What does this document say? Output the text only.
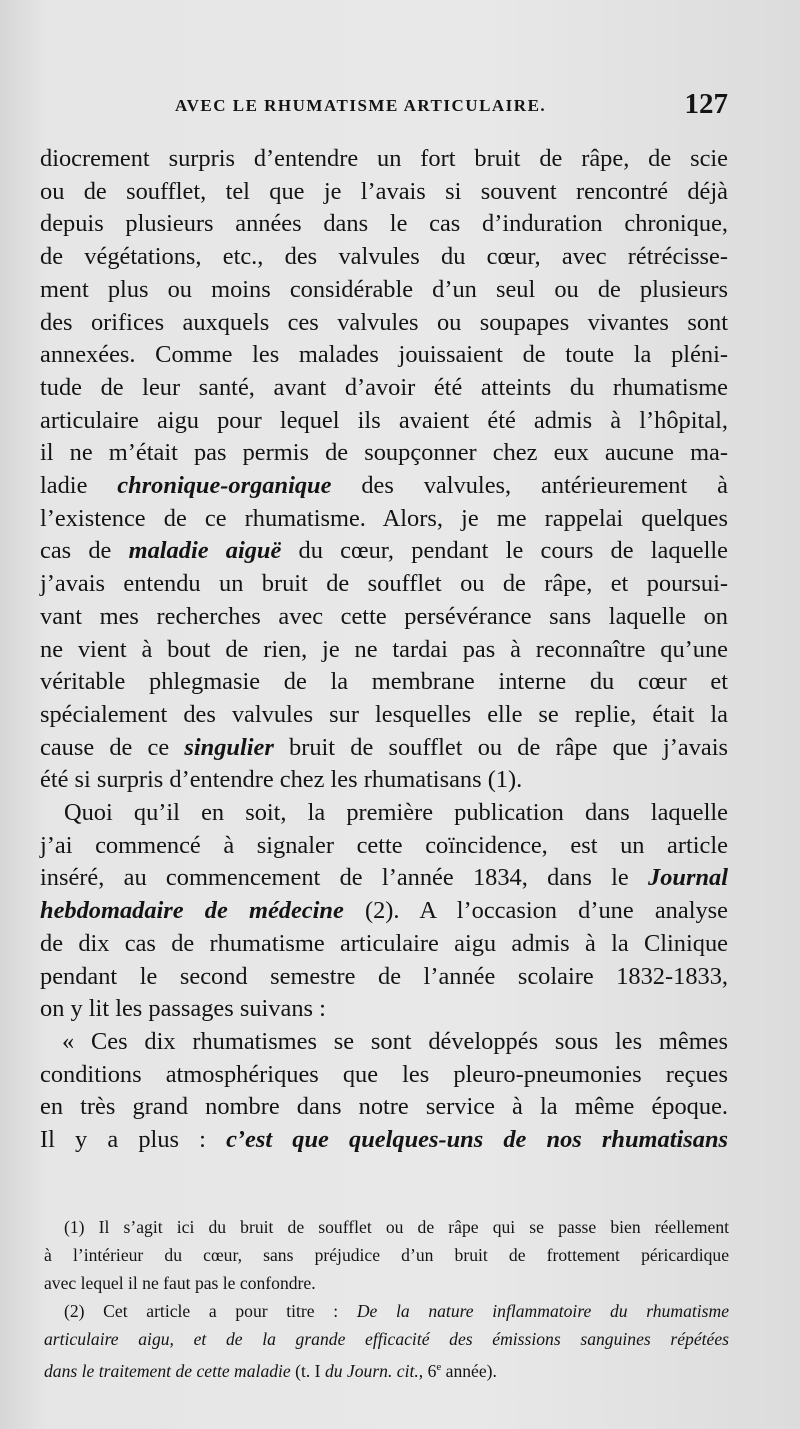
AVEC LE RHUMATISME ARTICULAIRE.	127
diocrement surpris d’entendre un fort bruit de râpe, de scie
ou de soufflet, tel que je l’avais si souvent rencontré déjà
depuis plusieurs années dans le cas d’induration chronique,
de végétations, etc., des valvules du cœur, avec rétrécisse-
ment plus ou moins considérable d’un seul ou de plusieurs
des orifices auxquels ces valvules ou soupapes vivantes sont
annexées. Comme les malades jouissaient de toute la pléni-
tude de leur santé, avant d’avoir été atteints du rhumatisme
articulaire aigu pour lequel ils avaient été admis à l’hôpital,
il ne m’était pas permis de soupçonner chez eux aucune ma-
ladie chronique-organique des valvules, antérieurement à
l’existence de ce rhumatisme. Alors, je me rappelai quelques
cas de maladie aiguë du cœur, pendant le cours de laquelle
j’avais entendu un bruit de soufflet ou de râpe, et poursui-
vant mes recherches avec cette persévérance sans laquelle on
ne vient à bout de rien, je ne tardai pas à reconnaître qu’une
véritable phlegmasie de la membrane interne du cœur et
spécialement des valvules sur lesquelles elle se replie, était la
cause de ce singulier bruit de soufflet ou de râpe que j’avais
été si surpris d’entendre chez les rhumatisans (1).
Quoi qu’il en soit, la première publication dans laquelle
j’ai commencé à signaler cette coïncidence, est un article
inséré, au commencement de l’année 1834, dans le Journal
hebdomadaire de médecine (2). A l’occasion d’une analyse
de dix cas de rhumatisme articulaire aigu admis à la Clinique
pendant le second semestre de l’année scolaire 1832-1833,
on y lit les passages suivans :
« Ces dix rhumatismes se sont développés sous les mêmes
conditions atmosphériques que les pleuro-pneumonies reçues
en très grand nombre dans notre service à la même époque.
Il y a plus : c’est que quelques-uns de nos rhumatisans
(1) Il s’agit ici du bruit de soufflet ou de râpe qui se passe bien réellement
à l’intérieur du cœur, sans préjudice d’un bruit de frottement péricardique
avec lequel il ne faut pas le confondre.
(2) Cet article a pour titre : De la nature inflammatoire du rhumatisme
articulaire aigu, et de la grande efficacité des émissions sanguines répétées
dans le traitement de cette maladie (t. I du Journ. cit., 6e année).
